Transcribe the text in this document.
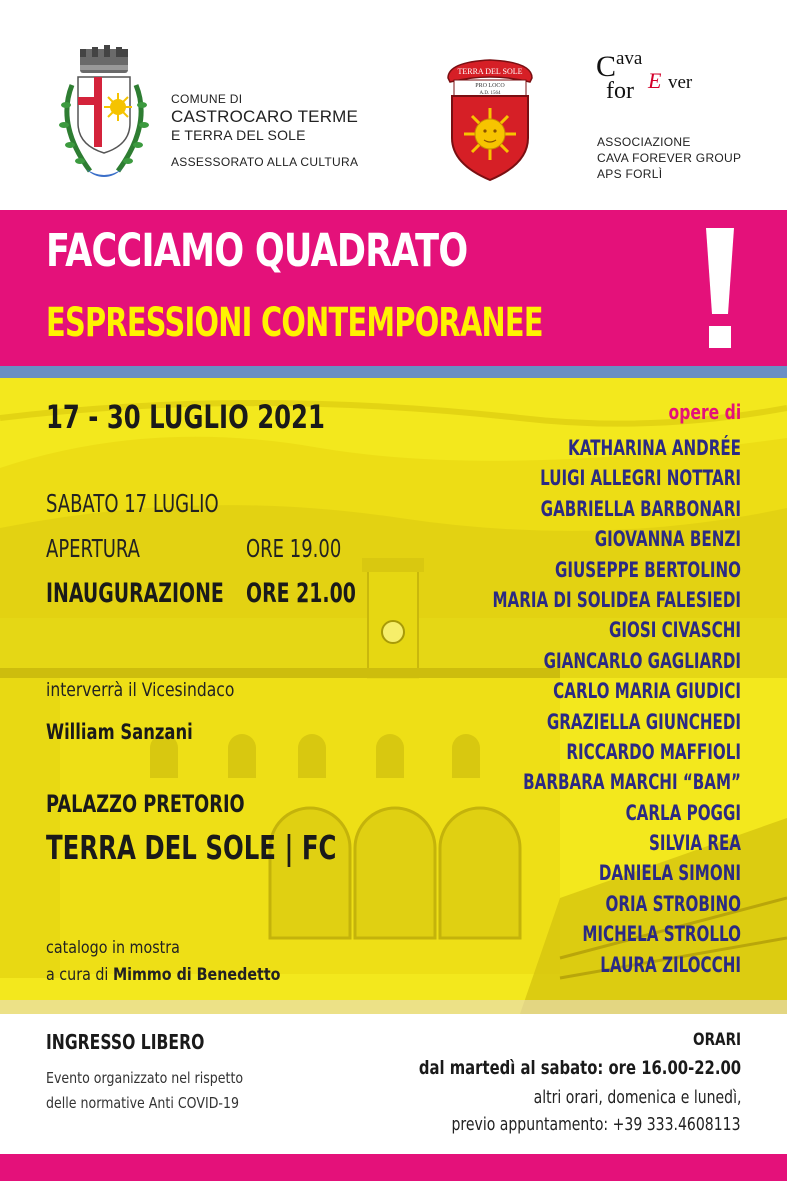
COMUNE DI
CASTROCARO TERME
E TERRA DEL SOLE
ASSESSORATO ALLA CULTURA
TERRA DEL SOLE
PRO LOCO
A.D. 1564
C ava
for E ver
ASSOCIAZIONE
CAVA FOREVER GROUP
APS FORLÌ
FACCIAMO QUADRATO
ESPRESSIONI CONTEMPORANEE
17 - 30 LUGLIO 2021
SABATO 17 LUGLIO
APERTURA	ORE 19.00
INAUGURAZIONE ORE 21.00
interverrà il Vicesindaco
William Sanzani
PALAZZO PRETORIO
TERRA DEL SOLE | FC
catalogo in mostra
a cura di Mimmo di Benedetto
opere di
KATHARINA ANDRÉE
LUIGI ALLEGRI NOTTARI
GABRIELLA BARBONARI
GIOVANNA BENZI
GIUSEPPE BERTOLINO
MARIA DI SOLIDEA FALESIEDI
GIOSI CIVASCHI
GIANCARLO GAGLIARDI
CARLO MARIA GIUDICI
GRAZIELLA GIUNCHEDI
RICCARDO MAFFIOLI
BARBARA MARCHI “BAM”
CARLA POGGI
SILVIA REA
DANIELA SIMONI
ORIA STROBINO
MICHELA STROLLO
LAURA ZILOCCHI
INGRESSO LIBERO
Evento organizzato nel rispetto
delle normative Anti COVID-19
ORARI
dal martedì al sabato: ore 16.00-22.00
altri orari, domenica e lunedì,
previo appuntamento: +39 333.4608113
